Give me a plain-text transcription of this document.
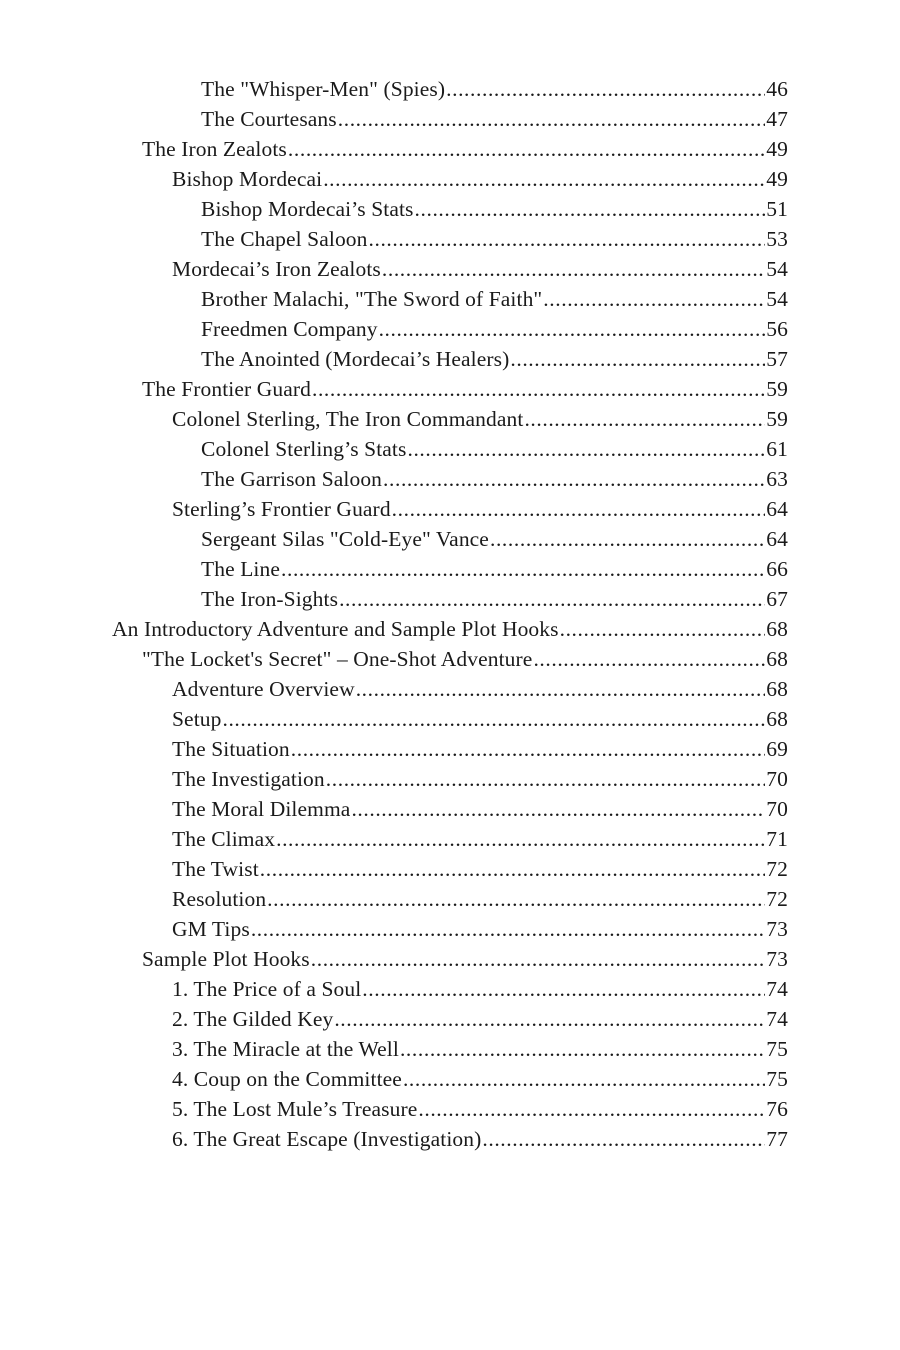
The "Whisper-Men" (Spies) .....	46
The Courtesans .....	47
The Iron Zealots .....	49
Bishop Mordecai .....	49
Bishop Mordecai’s Stats .....	51
The Chapel Saloon .....	53
Mordecai’s Iron Zealots .....	54
Brother Malachi, "The Sword of Faith" .....	54
Freedmen Company .....	56
The Anointed (Mordecai’s Healers) .....	57
The Frontier Guard .....	59
Colonel Sterling, The Iron Commandant .....	59
Colonel Sterling’s Stats .....	61
The Garrison Saloon .....	63
Sterling’s Frontier Guard .....	64
Sergeant Silas "Cold-Eye" Vance .....	64
The Line .....	66
The Iron-Sights .....	67
An Introductory Adventure and Sample Plot Hooks .....	68
"The Locket's Secret" – One-Shot Adventure .....	68
Adventure Overview .....	68
Setup .....	68
The Situation .....	69
The Investigation .....	70
The Moral Dilemma .....	70
The Climax .....	71
The Twist .....	72
Resolution .....	72
GM Tips .....	73
Sample Plot Hooks .....	73
1. The Price of a Soul .....	74
2. The Gilded Key .....	74
3. The Miracle at the Well .....	75
4. Coup on the Committee .....	75
5. The Lost Mule’s Treasure .....	76
6. The Great Escape (Investigation) .....	77
